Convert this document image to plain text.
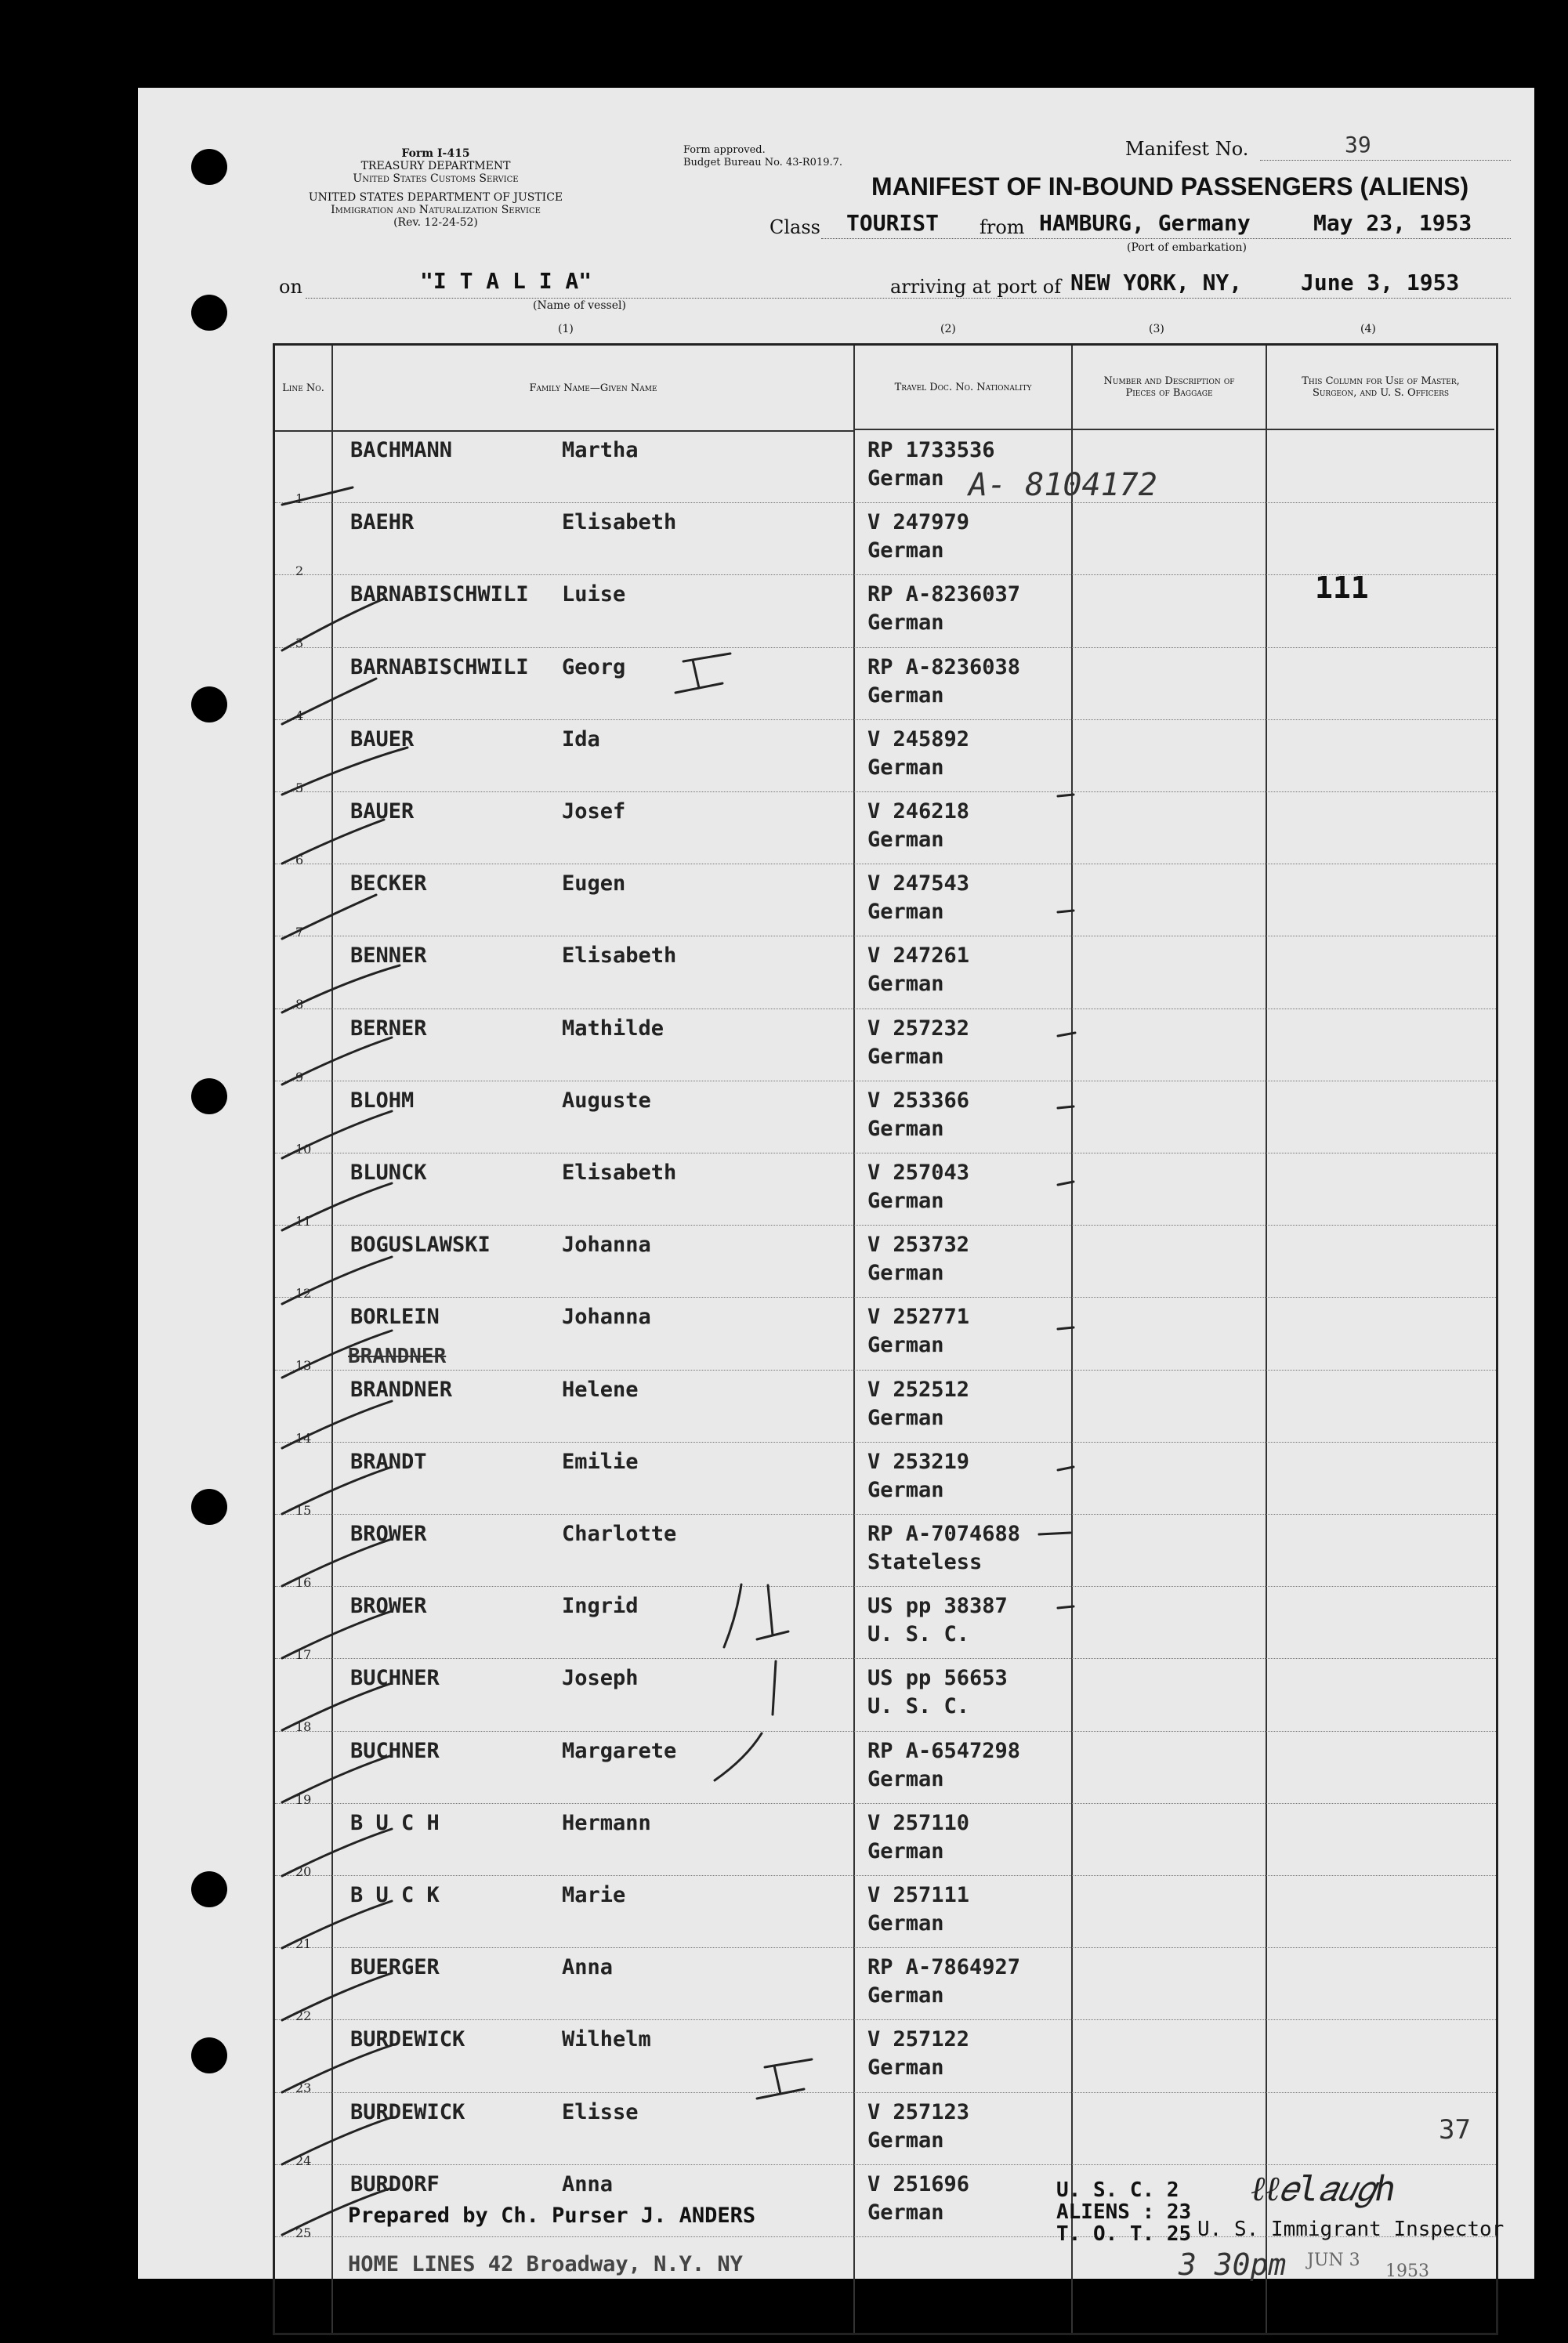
Form I-415
TREASURY DEPARTMENT
United States Customs Service
UNITED STATES DEPARTMENT OF JUSTICE
Immigration and Naturalization Service
(Rev. 12-24-52)
Form approved.
Budget Bureau No. 43-R019.7.
Manifest No.	39
MANIFEST OF IN-BOUND PASSENGERS (ALIENS)
Class TOURIST from HAMBURG, Germany	May 23, 1953
(Port of embarkation)
on	"I T A L I A"
(Name of vessel)
arriving at port of NEW YORK, NY,	June 3, 1953
(1)	(2)	(3)	(4)
Line No.	Family Name—Given Name	Travel Doc. No. Nationality	Number and Description of Pieces of Baggage
This Column for Use of Master, Surgeon, and U. S. Officers
1
BACHMANN	Martha	RP 1733536
German
2
BAEHR	Elisabeth	V 247979
German
3
BARNABISCHWILI Luise	RP A-8236037
German
4
BARNABISCHWILI Georg	RP A-8236038
German
5
BAUER	Ida	V 245892
German
6
BAUER	Josef	V 246218
German
7
BECKER	Eugen	V 247543
German
8
BENNER	Elisabeth	V 247261
German
9
BERNER	Mathilde	V 257232
German
10
BLOHM	Auguste	V 253366
German
11
BLUNCK	Elisabeth	V 257043
German
12
BOGUSLAWSKI	Johanna	V 253732
German
13
BORLEIN	Johanna	V 252771
German
14
BRANDNER	Helene	V 252512
German
15
BRANDT	Emilie	V 253219
German
16
BROWER	Charlotte	RP A-7074688
Stateless
17
BROWER	Ingrid	US pp 38387
U. S. C.
18
BUCHNER	Joseph	US pp 56653
U. S. C.
19
BUCHNER	Margarete	RP A-6547298
German
20
B U C H	Hermann	V 257110
German
21
B U C K	Marie	V 257111
German
22
BUERGER	Anna	RP A-7864927
German
23
BURDEWICK	Wilhelm	V 257122
German
24
BURDEWICK	Elisse	V 257123
German
25
BURDORF	Anna	V 251696
German
A- 8104172
111
37
BRANDNER
U. S. C. 2
ALIENS : 23
T. O. T. 25
ℓℓ𝑒l𝑎𝑢𝑔ℎ
U. S. Immigrant Inspector
3 30pm JUN 3
1953
Prepared by Ch. Purser J. ANDERS
HOME LINES 42 Broadway, N.Y. NY
